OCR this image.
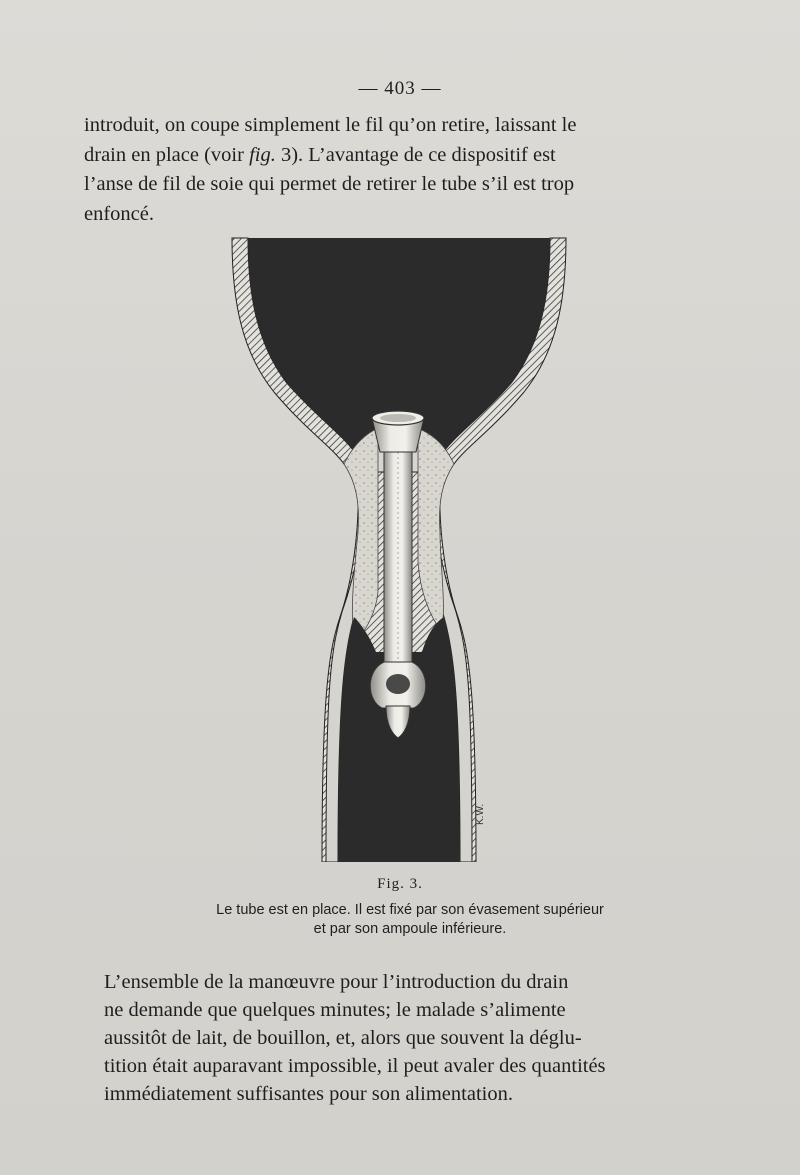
— 403 —
introduit, on coupe simplement le fil qu’on retire, laissant le
drain en place (voir fig. 3). L’avantage de ce dispositif est
l’anse de fil de soie qui permet de retirer le tube s’il est trop
enfoncé.
K.W.
Fig. 3.
Le tube est en place. Il est fixé par son évasement supérieur
et par son ampoule inférieure.
L’ensemble de la manœuvre pour l’introduction du drain
ne demande que quelques minutes; le malade s’alimente
aussitôt de lait, de bouillon, et, alors que souvent la déglu-
tition était auparavant impossible, il peut avaler des quantités
immédiatement suffisantes pour son alimentation.
